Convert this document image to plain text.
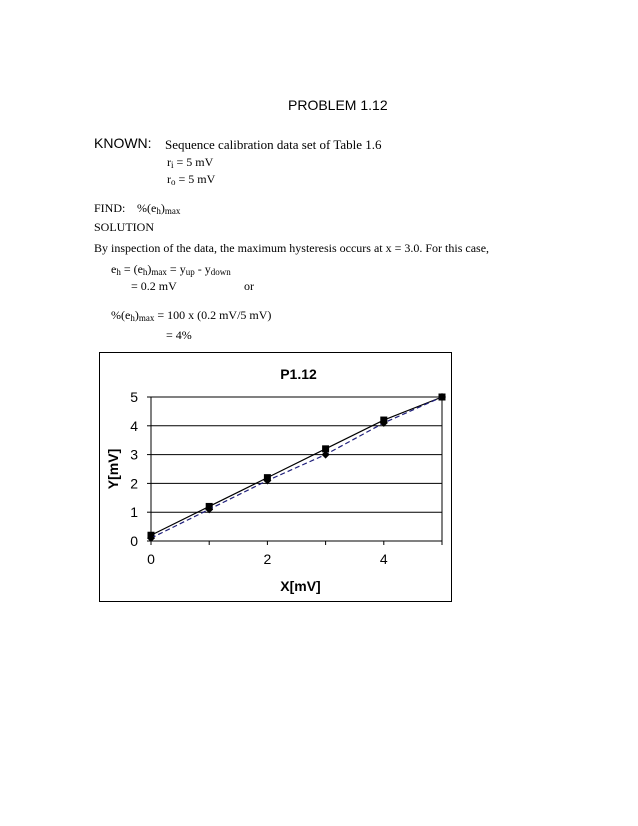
PROBLEM 1.12
KNOWN: Sequence calibration data set of Table 1.6
$r_i = 5$ mV
$r_o = 5$ mV
FIND: $\%(e_h)_{max}$
SOLUTION
By inspection of the data, the maximum hysteresis occurs at x = 3.0. For this case,
$e_h = (e_h)_{max} = y_{up} - y_{down}$
= 0.2 mV	or
$\%(e_h)_{max} = 100$ x (0.2 mV/5 mV)
= 4%
P1.12
0
1
2
3
4
5
0	2	4
X[mV]
Y[mV]
